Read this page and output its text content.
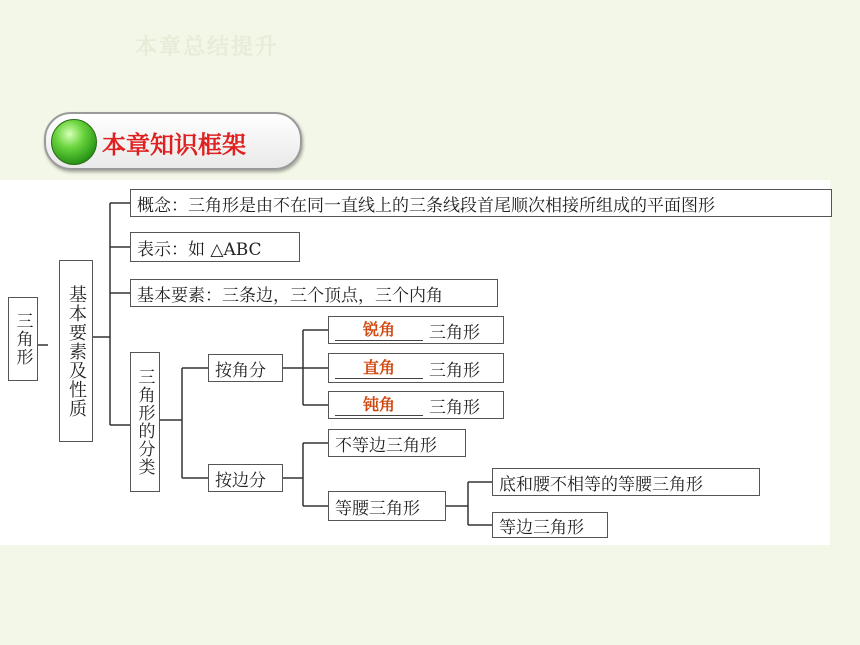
本章总结提升
本章知识框架
三角形	基本要素及性质
概念：三角形是由不在同一直线上的三条线段首尾顺次相接所组成的平面图形
表示：如 △ABC
基本要素：三条边，三个顶点，三个内角
三角形的分类	按角分
按边分
锐角	三角形
直角	三角形
钝角	三角形
不等边三角形
等腰三角形
底和腰不相等的等腰三角形
等边三角形
